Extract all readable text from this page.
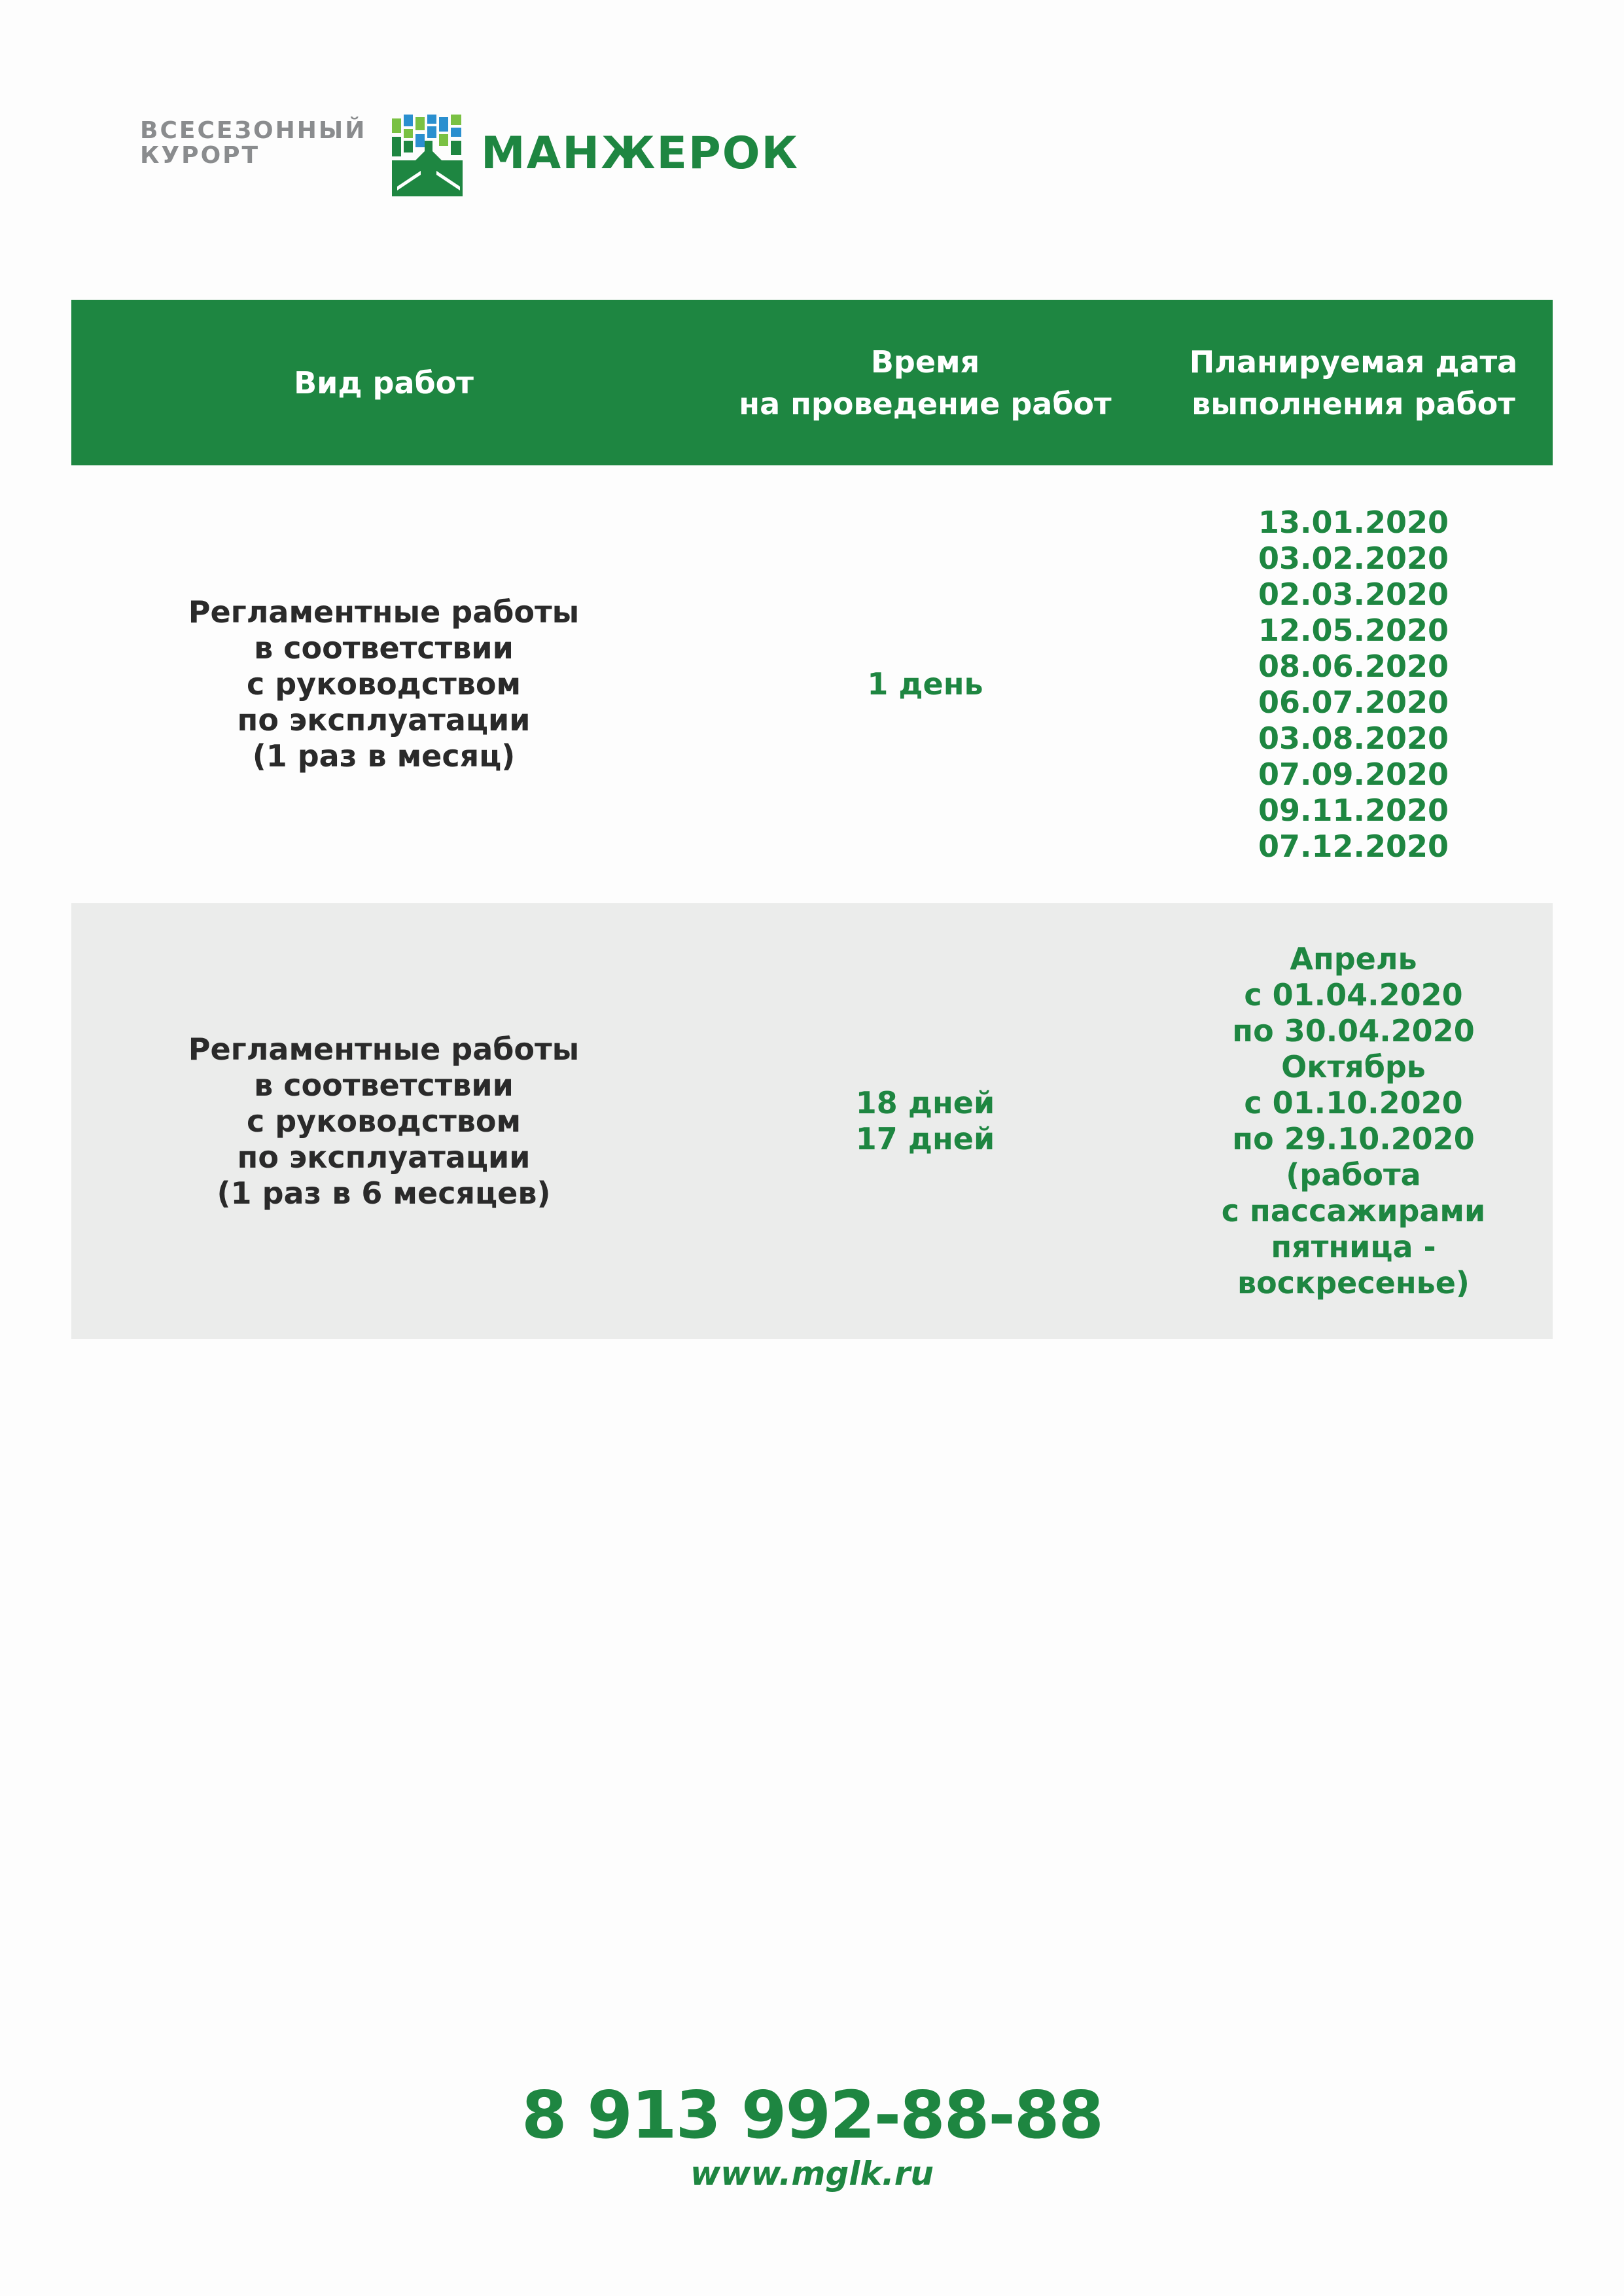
ВСЕСЕЗОННЫЙ
КУРОРТ	МАНЖЕРОК
Вид работ
Время
на проведение работ
Планируемая дата
выполнения работ
Регламентные работы
в соответствии
с руководством
по эксплуатации
(1 раз в месяц)
1 день
13.01.2020
03.02.2020
02.03.2020
12.05.2020
08.06.2020
06.07.2020
03.08.2020
07.09.2020
09.11.2020
07.12.2020
Регламентные работы
в соответствии
с руководством
по эксплуатации
(1 раз в 6 месяцев)
18 дней
17 дней
Апрель
с 01.04.2020
по 30.04.2020
Октябрь
с 01.10.2020
по 29.10.2020
(работа
с пассажирами
пятница -
воскресенье)
8 913 992-88-88
www.mglk.ru
